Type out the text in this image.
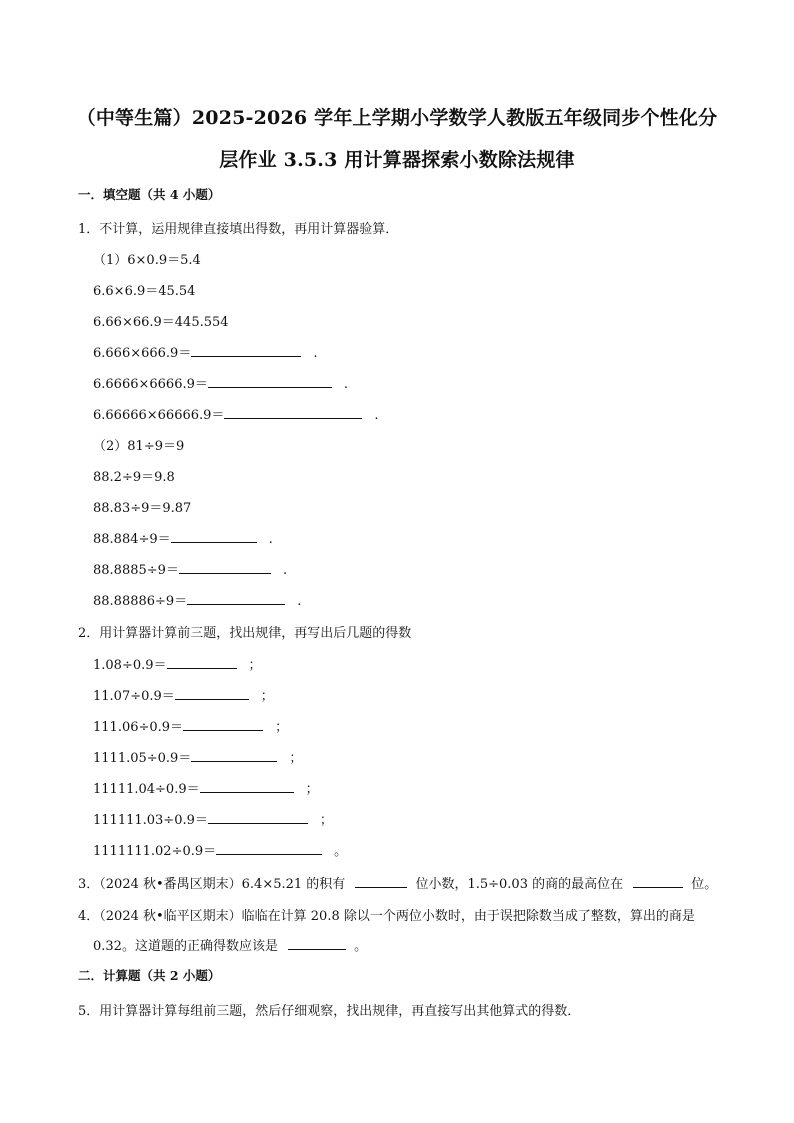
（中等生篇）2025-2026 学年上学期小学数学人教版五年级同步个性化分
层作业 3.5.3 用计算器探索小数除法规律
一．填空题（共 4 小题）
1．不计算，运用规律直接填出得数，再用计算器验算．
（1）6×0.9＝5.4
6.6×6.9＝45.54
6.66×66.9＝445.554
6.666×666.9＝	.
6.6666×6666.9＝	.
6.66666×66666.9＝	.
（2）81÷9＝9
88.2÷9＝9.8
88.83÷9＝9.87
88.884÷9＝	.
88.8885÷9＝	.
88.88886÷9＝	.
2．用计算器计算前三题，找出规律，再写出后几题的得数
1.08÷0.9＝	；
11.07÷0.9＝	；
111.06÷0.9＝	；
1111.05÷0.9＝	；
11111.04÷0.9＝	；
111111.03÷0.9＝	；
1111111.02÷0.9＝	。
3．（2024 秋•番禺区期末）6.4×5.21 的积有	位小数，1.5÷0.03 的商的最高位在	位。
4．（2024 秋•临平区期末）临临在计算 20.8 除以一个两位小数时，由于误把除数当成了整数，算出的商是
0.32。这道题的正确得数应该是	。
二．计算题（共 2 小题）
5．用计算器计算每组前三题，然后仔细观察，找出规律，再直接写出其他算式的得数．
